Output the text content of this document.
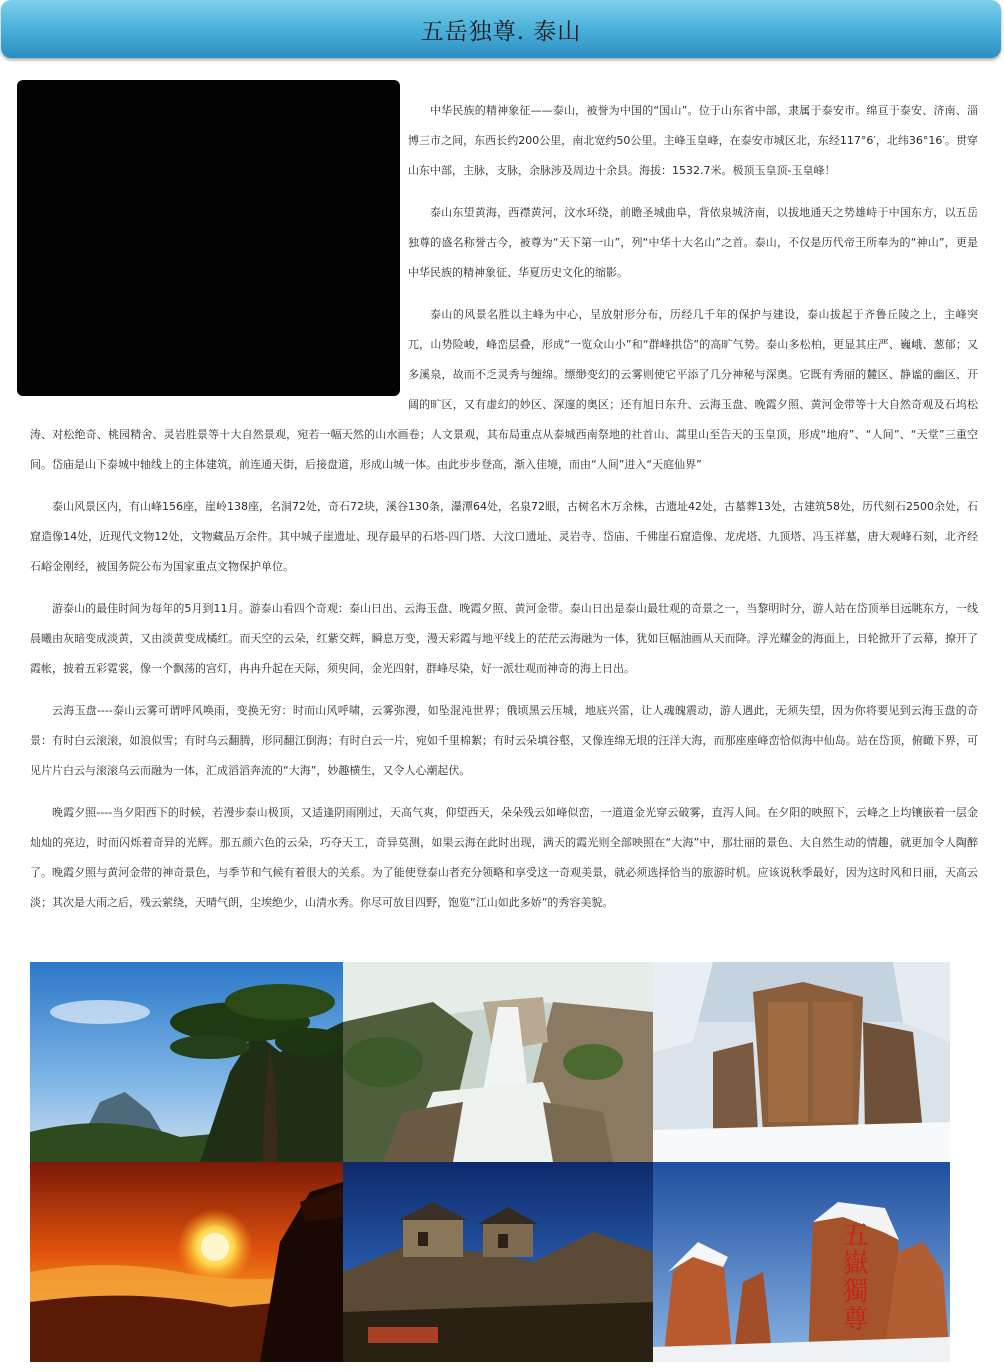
五岳独尊. 泰山

中华民族的精神象征——泰山，被誉为中国的“国山”。位于山东省中部，隶属于泰安市。绵亘于泰安、济南、淄博三市之间，东西长约200公里，南北宽约50公里。主峰玉皇峰，在泰安市城区北，东经117°6′，北纬36°16′。贯穿山东中部，主脉，支脉，余脉涉及周边十余县。海拔：1532.7米。极顶玉皇顶-玉皇峰！

泰山东望黄海，西襟黄河，汶水环绕，前瞻圣城曲阜，背依泉城济南，以拔地通天之势雄峙于中国东方，以五岳独尊的盛名称誉古今，被尊为“天下第一山”，列“中华十大名山”之首。泰山，不仅是历代帝王所奉为的“神山”，更是中华民族的精神象征、华夏历史文化的缩影。

泰山的风景名胜以主峰为中心，呈放射形分布，历经几千年的保护与建设，泰山拔起于齐鲁丘陵之上，主峰突兀，山势险峻，峰峦层叠，形成“一览众山小”和“群峰拱岱”的高旷气势。泰山多松柏，更显其庄严、巍峨、葱郁；又多溪泉，故而不乏灵秀与缠绵。缥缈变幻的云雾则使它平添了几分神秘与深奥。它既有秀丽的麓区、静谧的幽区、开阔的旷区，又有虚幻的妙区、深邃的奥区；还有旭日东升、云海玉盘、晚霞夕照、黄河金带等十大自然奇观及石坞松涛、对松绝奇、桃园精舍、灵岩胜景等十大自然景观，宛若一幅天然的山水画卷；人文景观，其布局重点从泰城西南祭地的社首山、蒿里山至告天的玉皇顶，形成“地府”、“人间”、“天堂”三重空间。岱庙是山下泰城中轴线上的主体建筑，前连通天街，后接盘道，形成山城一体。由此步步登高，渐入佳境，而由“人间”进入“天庭仙界”

泰山风景区内，有山峰156座，崖岭138座，名洞72处，奇石72块，溪谷130条，瀑潭64处，名泉72眼，古树名木万余株，古遗址42处，古墓葬13处，古建筑58处，历代刻石2500余处，石窟造像14处，近现代文物12处，文物藏品万余件。其中城子崖遗址、现存最早的石塔-四门塔、大汶口遗址、灵岩寺、岱庙、千佛崖石窟造像、龙虎塔、九顶塔、冯玉祥墓，唐大观峰石刻，北齐经石峪金刚经，被国务院公布为国家重点文物保护单位。

游泰山的最佳时间为每年的5月到11月。游泰山看四个奇观：泰山日出、云海玉盘、晚霞夕照、黄河金带。泰山日出是泰山最壮观的奇景之一，当黎明时分，游人站在岱顶举目远眺东方，一线晨曦由灰暗变成淡黄，又由淡黄变成橘红。而天空的云朵，红紫交辉，瞬息万变，漫天彩霞与地平线上的茫茫云海融为一体，犹如巨幅油画从天而降。浮光耀金的海面上，日轮掀开了云幕，撩开了霞帐，披着五彩霓裳，像一个飘荡的宫灯，冉冉升起在天际，须臾间，金光四射，群峰尽染，好一派壮观而神奇的海上日出。

云海玉盘----泰山云雾可谓呼风唤雨，变换无穷：时而山风呼啸，云雾弥漫，如坠混沌世界；俄顷黑云压城，地底兴雷，让人魂魄震动，游人遇此，无须失望，因为你将要见到云海玉盘的奇景：有时白云滚滚，如浪似雪；有时乌云翻腾，形同翻江倒海；有时白云一片，宛如千里棉絮；有时云朵填谷壑，又像连绵无垠的汪洋大海，而那座座峰峦恰似海中仙岛。站在岱顶，俯瞰下界，可见片片白云与滚滚乌云而融为一体，汇成滔滔奔流的“大海”，妙趣横生，又令人心潮起伏。

晚霞夕照----当夕阳西下的时候，若漫步泰山极顶，又适逢阴雨刚过，天高气爽，仰望西天，朵朵残云如峰似峦，一道道金光穿云破雾，直泻人间。在夕阳的映照下，云峰之上均镶嵌着一层金灿灿的亮边，时而闪烁着奇异的光辉。那五颜六色的云朵，巧夺天工，奇异莫测，如果云海在此时出现，满天的霞光则全部映照在“大海”中，那壮丽的景色、大自然生动的情趣，就更加令人陶醉了。晚霞夕照与黄河金带的神奇景色，与季节和气候有着很大的关系。为了能使登泰山者充分领略和享受这一奇观美景，就必须选择恰当的旅游时机。应该说秋季最好，因为这时风和日丽，天高云淡；其次是大雨之后，残云萦绕，天晴气朗，尘埃绝少，山清水秀。你尽可放目四野，饱览“江山如此多娇”的秀容美貌。

五嶽獨尊
